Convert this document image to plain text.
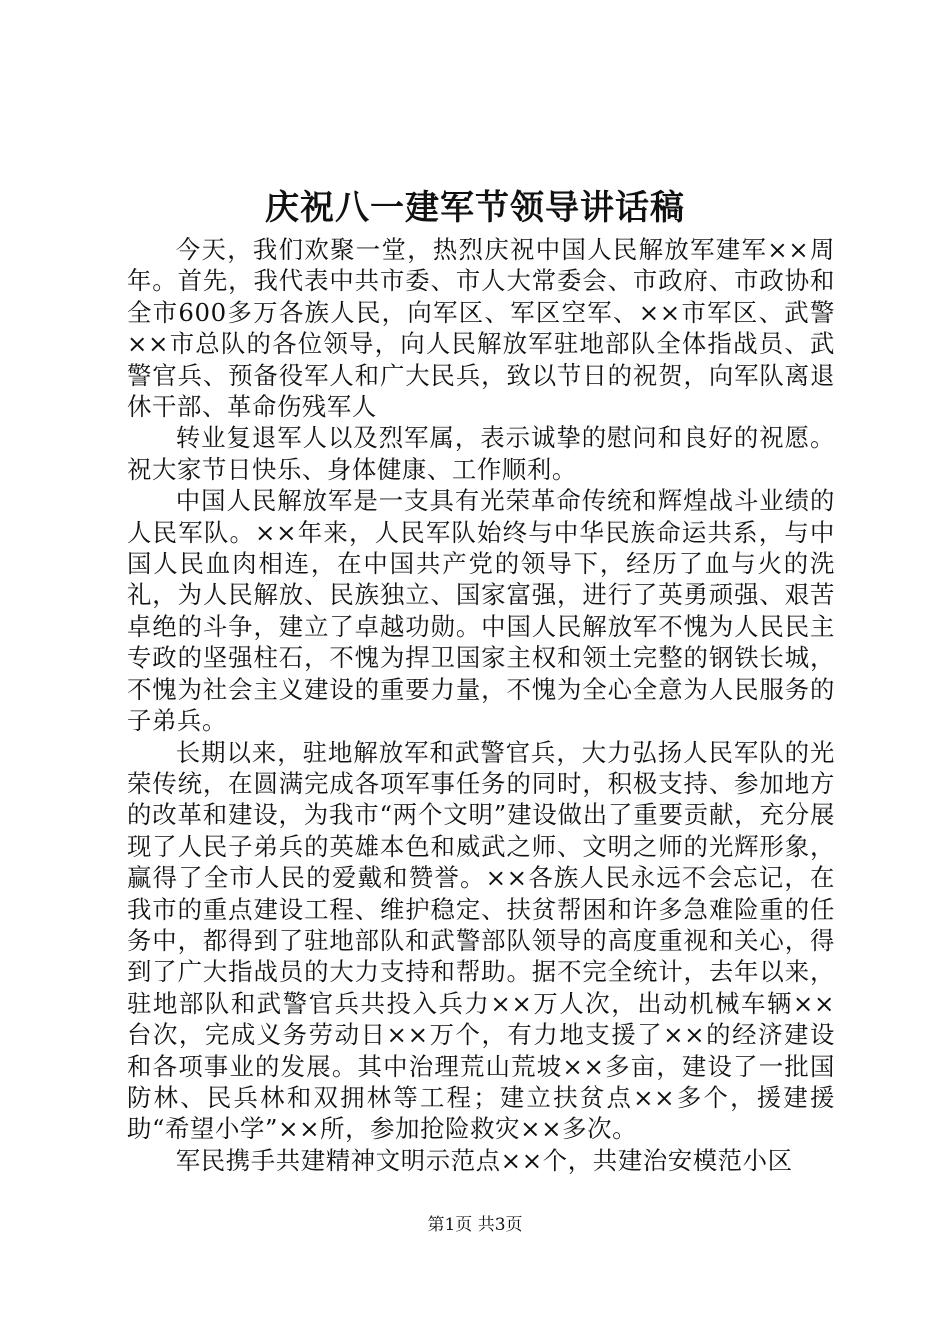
庆祝八一建军节领导讲话稿

今天，我们欢聚一堂，热烈庆祝中国人民解放军建军××周年。首先，我代表中共市委、市人大常委会、市政府、市政协和全市600多万各族人民，向军区、军区空军、××市军区、武警××市总队的各位领导，向人民解放军驻地部队全体指战员、武警官兵、预备役军人和广大民兵，致以节日的祝贺，向军队离退休干部、革命伤残军人

转业复退军人以及烈军属，表示诚挚的慰问和良好的祝愿。祝大家节日快乐、身体健康、工作顺利。

中国人民解放军是一支具有光荣革命传统和辉煌战斗业绩的人民军队。××年来，人民军队始终与中华民族命运共系，与中国人民血肉相连，在中国共产党的领导下，经历了血与火的洗礼，为人民解放、民族独立、国家富强，进行了英勇顽强、艰苦卓绝的斗争，建立了卓越功勋。中国人民解放军不愧为人民民主专政的坚强柱石，不愧为捍卫国家主权和领土完整的钢铁长城，不愧为社会主义建设的重要力量，不愧为全心全意为人民服务的子弟兵。

长期以来，驻地解放军和武警官兵，大力弘扬人民军队的光荣传统，在圆满完成各项军事任务的同时，积极支持、参加地方的改革和建设，为我市“两个文明”建设做出了重要贡献，充分展现了人民子弟兵的英雄本色和威武之师、文明之师的光辉形象，赢得了全市人民的爱戴和赞誉。××各族人民永远不会忘记，在我市的重点建设工程、维护稳定、扶贫帮困和许多急难险重的任务中，都得到了驻地部队和武警部队领导的高度重视和关心，得到了广大指战员的大力支持和帮助。据不完全统计，去年以来，驻地部队和武警官兵共投入兵力××万人次，出动机械车辆××台次，完成义务劳动日××万个，有力地支援了××的经济建设和各项事业的发展。其中治理荒山荒坡××多亩，建设了一批国防林、民兵林和双拥林等工程；建立扶贫点××多个，援建援助“希望小学”××所，参加抢险救灾××多次。

军民携手共建精神文明示范点××个，共建治安模范小区

第1页 共3页
